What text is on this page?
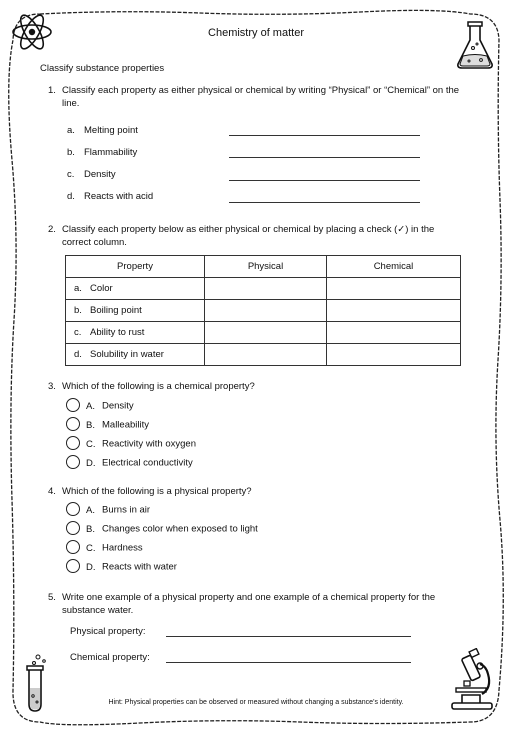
Chemistry of matter
Classify substance properties
1. Classify each property as either physical or chemical by writing “Physical” or “Chemical” on the line.
a. Melting point
b. Flammability
c. Density
d. Reacts with acid
2. Classify each property below as either physical or chemical by placing a check (✓) in the correct column.
Property	Physical	Chemical
a. Color		
b. Boiling point		
c. Ability to rust		
d. Solubility in water		
3. Which of the following is a chemical property?
A. Density
B. Malleability
C. Reactivity with oxygen
D. Electrical conductivity
4. Which of the following is a physical property?
A. Burns in air
B. Changes color when exposed to light
C. Hardness
D. Reacts with water
5. Write one example of a physical property and one example of a chemical property for the substance water.
Physical property:
Chemical property:
Hint: Physical properties can be observed or measured without changing a substance’s identity.
